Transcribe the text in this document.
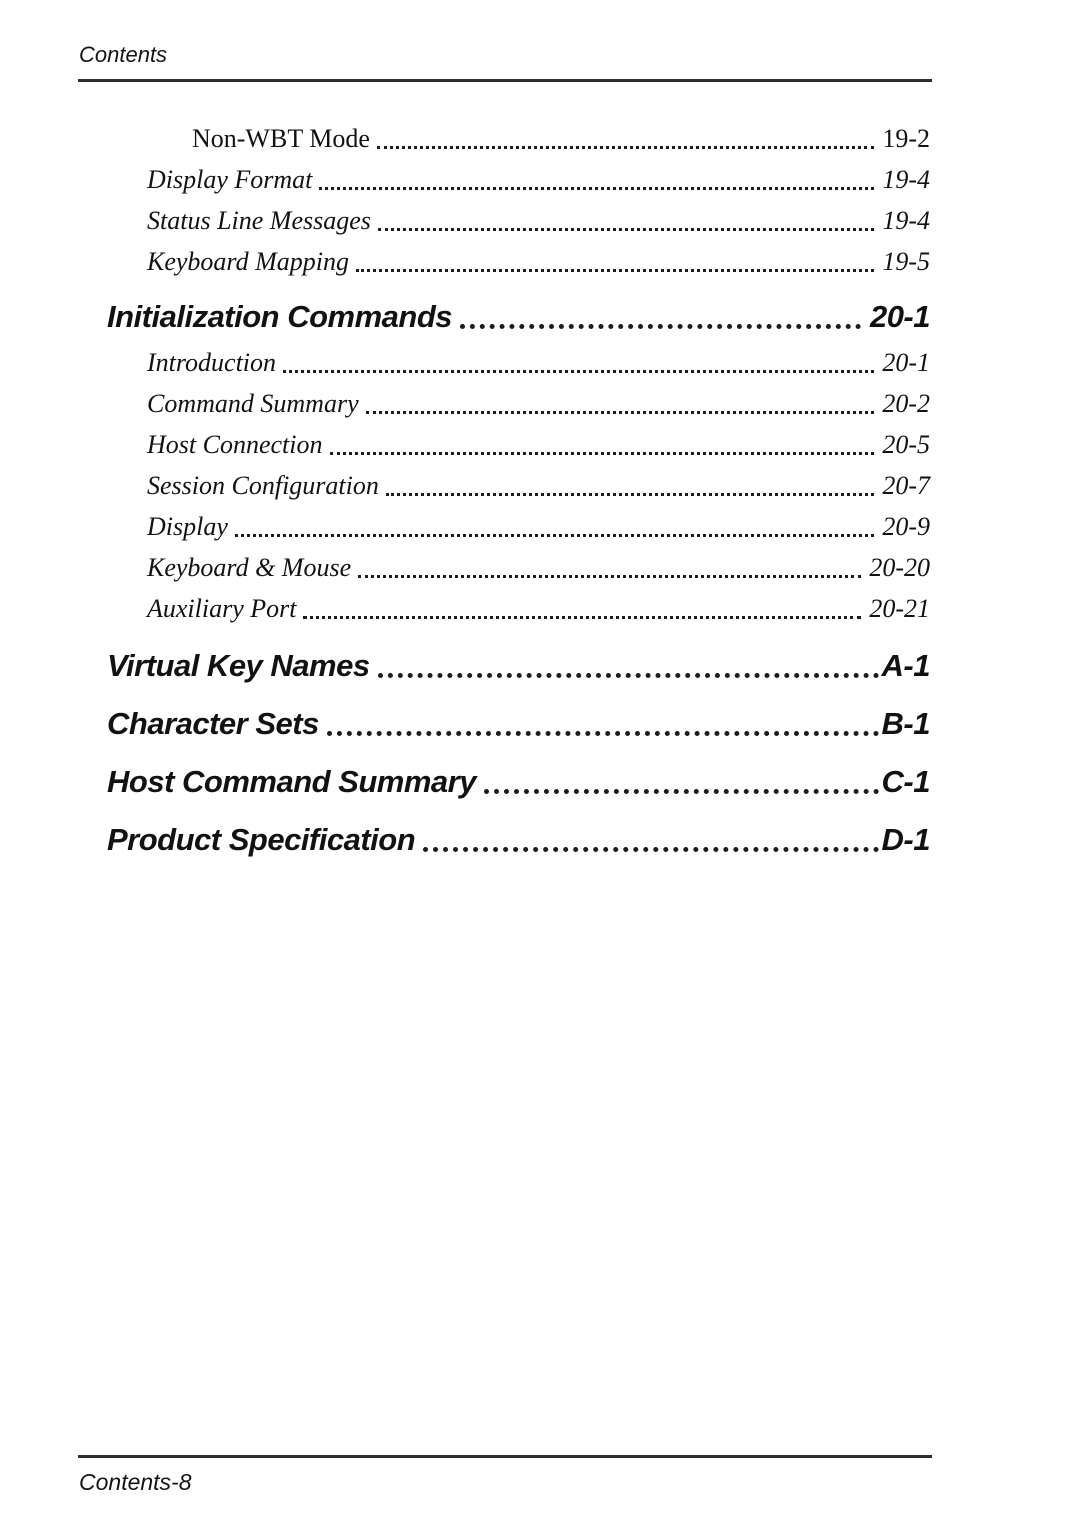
Contents
Non-WBT Mode	19-2
Display Format	19-4
Status Line Messages	19-4
Keyboard Mapping	19-5
Initialization Commands	20-1
Introduction	20-1
Command Summary	20-2
Host Connection	20-5
Session Configuration	20-7
Display	20-9
Keyboard & Mouse	20-20
Auxiliary Port	20-21
Virtual Key Names	A-1
Character Sets	B-1
Host Command Summary	C-1
Product Specification	D-1
Contents-8
